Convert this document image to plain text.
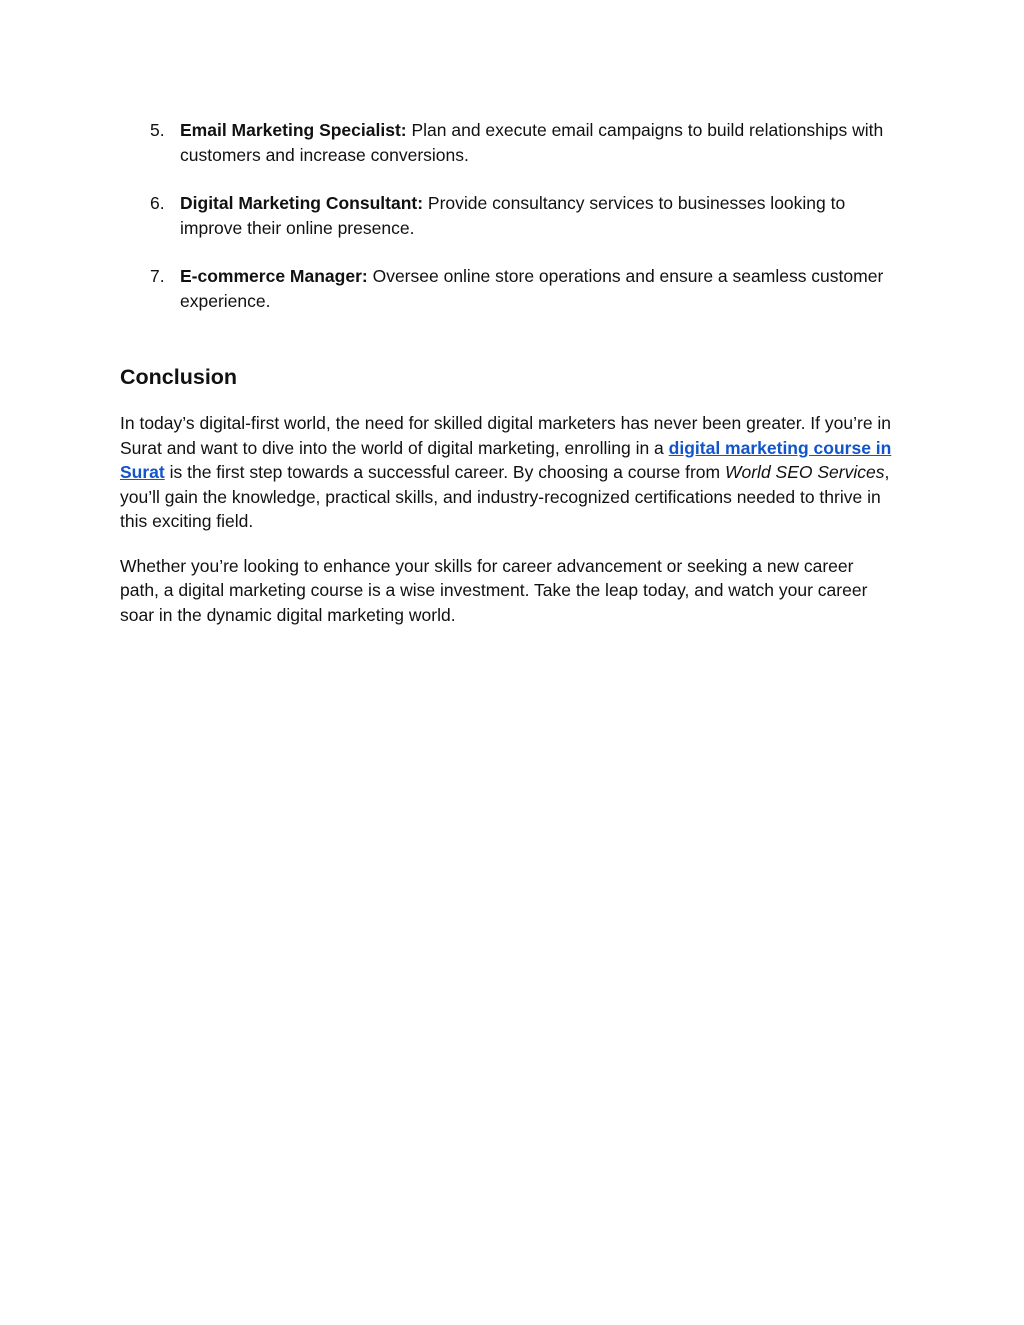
5. Email Marketing Specialist: Plan and execute email campaigns to build relationships with customers and increase conversions.
6. Digital Marketing Consultant: Provide consultancy services to businesses looking to improve their online presence.
7. E-commerce Manager: Oversee online store operations and ensure a seamless customer experience.
Conclusion

In today’s digital-first world, the need for skilled digital marketers has never been greater. If you’re in Surat and want to dive into the world of digital marketing, enrolling in a digital marketing course in Surat is the first step towards a successful career. By choosing a course from World SEO Services, you’ll gain the knowledge, practical skills, and industry-recognized certifications needed to thrive in this exciting field.

Whether you’re looking to enhance your skills for career advancement or seeking a new career path, a digital marketing course is a wise investment. Take the leap today, and watch your career soar in the dynamic digital marketing world.
